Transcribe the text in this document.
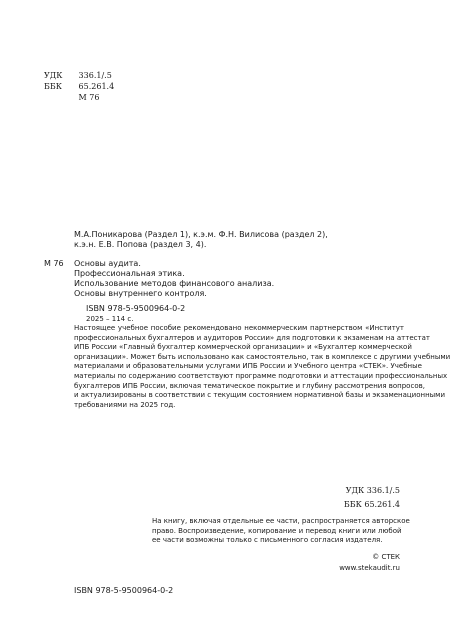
УДК 336.1/.5
ББК 65.261.4
М 76
М.А.Поникарова (Раздел 1), к.э.м. Ф.Н. Вилисова (раздел 2),
к.э.н. Е.В. Попова (раздел 3, 4).
М 76 Основы аудита.
Профессиональная этика.
Использование методов финансового анализа.
Основы внутреннего контроля.
ISBN 978-5-9500964-0-2
2025 – 114 с.
Настоящее учебное пособие рекомендовано некоммерческим партнерством «Институт
профессиональных бухгалтеров и аудиторов России» для подготовки к экзаменам на аттестат
ИПБ России «Главный бухгалтер коммерческой организации» и «Бухгалтер коммерческой
организации». Может быть использовано как самостоятельно, так в комплексе с другими учебными
материалами и образовательными услугами ИПБ России и Учебного центра «СТЕК». Учебные
материалы по содержанию соответствуют программе подготовки и аттестации профессиональных
бухгалтеров ИПБ России, включая тематическое покрытие и глубину рассмотрения вопросов,
и актуализированы в соответствии с текущим состоянием нормативной базы и экзаменационными
требованиями на 2025 год.
УДК 336.1/.5
ББК 65.261.4
На книгу, включая отдельные ее части, распространяется авторское
право. Воспроизведение, копирование и перевод книги или любой
ее части возможны только с письменного согласия издателя.
© СТЕК
www.stekaudit.ru
ISBN 978-5-9500964-0-2
